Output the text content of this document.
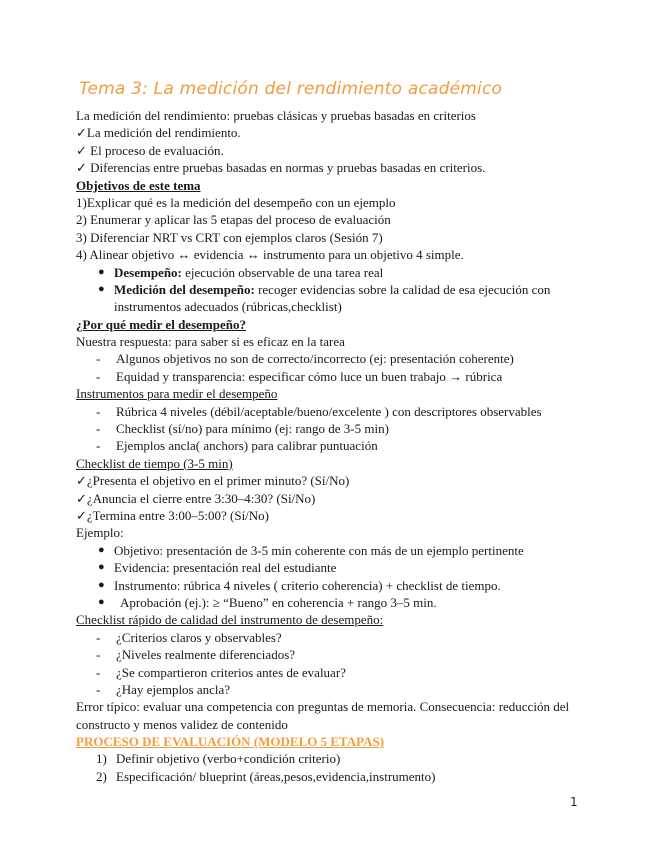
Tema 3: La medición del rendimiento académico
La medición del rendimiento: pruebas clásicas y pruebas basadas en criterios
✓La medición del rendimiento.
✓ El proceso de evaluación.
✓ Diferencias entre pruebas basadas en normas y pruebas basadas en criterios.
Objetivos de este tema
1)Explicar qué es la medición del desempeño con un ejemplo
2) Enumerar y aplicar las 5 etapas del proceso de evaluación
3) Diferenciar NRT vs CRT con ejemplos claros (Sesión 7)
4) Alinear objetivo ↔ evidencia ↔ instrumento para un objetivo 4 simple.
● Desempeño: ejecución observable de una tarea real
● Medición del desempeño: recoger evidencias sobre la calidad de esa ejecución con
instrumentos adecuados (rúbricas,checklist)
¿Por qué medir el desempeño?
Nuestra respuesta: para saber si es eficaz en la tarea
- Algunos objetivos no son de correcto/incorrecto (ej: presentación coherente)
- Equidad y transparencia: especificar cómo luce un buen trabajo → rúbrica
Instrumentos para medir el desempeño
- Rúbrica 4 niveles (débil/aceptable/bueno/excelente ) con descriptores observables
- Checklist (sí/no) para mínimo (ej: rango de 3-5 min)
- Ejemplos ancla( anchors) para calibrar puntuación
Checklist de tiempo (3-5 min)
✓¿Presenta el objetivo en el primer minuto? (Sí/No)
✓¿Anuncia el cierre entre 3:30–4:30? (Sí/No)
✓¿Termina entre 3:00–5:00? (Sí/No)
Ejemplo:
● Objetivo: presentación de 3-5 min coherente con más de un ejemplo pertinente
● Evidencia: presentación real del estudiante
● Instrumento: rúbrica 4 niveles ( criterio coherencia) + checklist de tiempo.
● Aprobación (ej.): ≥ “Bueno” en coherencia + rango 3–5 min.
Checklist rápido de calidad del instrumento de desempeño:
- ¿Criterios claros y observables?
- ¿Niveles realmente diferenciados?
- ¿Se compartieron criterios antes de evaluar?
- ¿Hay ejemplos ancla?
Error típico: evaluar una competencia con preguntas de memoria. Consecuencia: reducción del
constructo y menos validez de contenido
PROCESO DE EVALUACIÓN (MODELO 5 ETAPAS)
1) Definir objetivo (verbo+condición criterio)
2) Especificación/ blueprint (áreas,pesos,evidencia,instrumento)
1
